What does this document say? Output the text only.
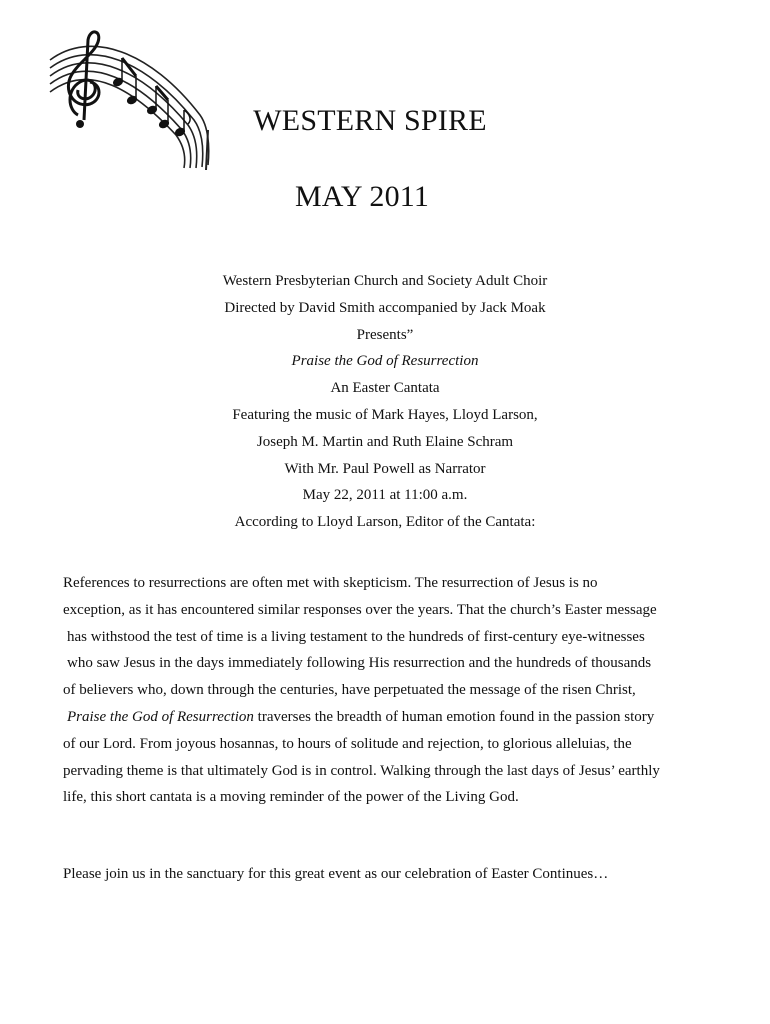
WESTERN SPIRE
MAY 2011
Western Presbyterian Church and Society Adult Choir
Directed by David Smith accompanied by Jack Moak
Presents”
Praise the God of Resurrection
An Easter Cantata
Featuring the music of Mark Hayes, Lloyd Larson,
Joseph M. Martin and Ruth Elaine Schram
With Mr. Paul Powell as Narrator
May 22, 2011 at 11:00 a.m.
According to Lloyd Larson, Editor of the Cantata:
References to resurrections are often met with skepticism. The resurrection of Jesus is no
exception, as it has encountered similar responses over the years. That the church’s Easter message
has withstood the test of time is a living testament to the hundreds of first-century eye-witnesses
who saw Jesus in the days immediately following His resurrection and the hundreds of thousands
of believers who, down through the centuries, have perpetuated the message of the risen Christ,
Praise the God of Resurrection traverses the breadth of human emotion found in the passion story
of our Lord. From joyous hosannas, to hours of solitude and rejection, to glorious alleluias, the
pervading theme is that ultimately God is in control. Walking through the last days of Jesus’ earthly
life, this short cantata is a moving reminder of the power of the Living God.
Please join us in the sanctuary for this great event as our celebration of Easter Continues…
